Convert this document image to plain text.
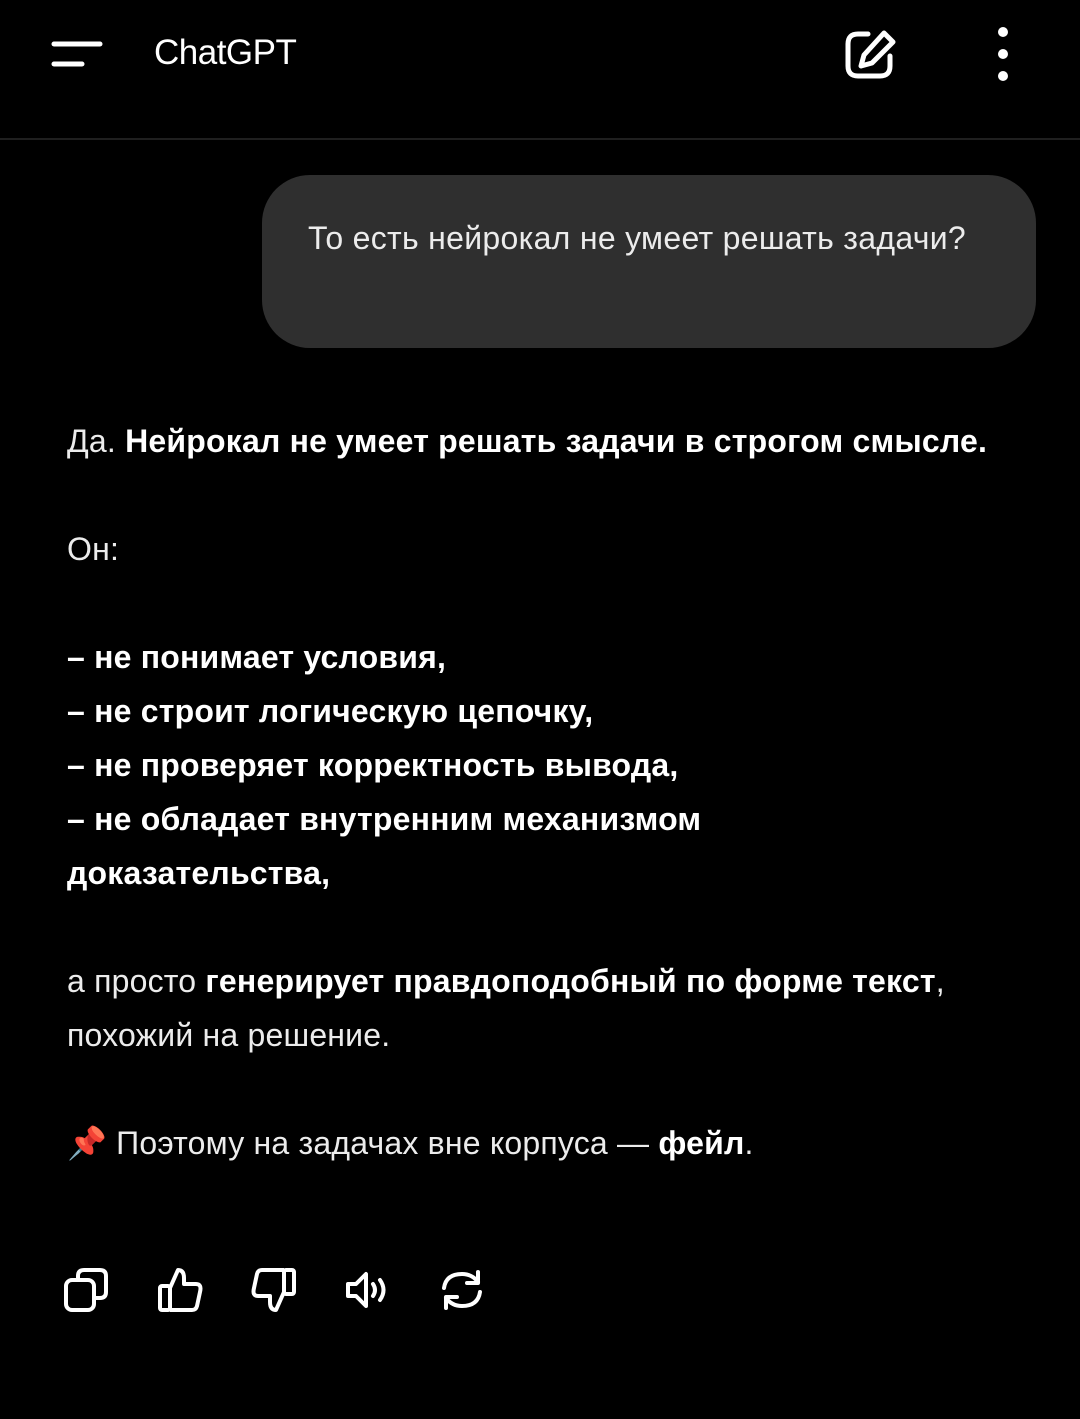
ChatGPT
То есть нейрокал не умеет решать задачи?

Да. Нейрокал не умеет решать задачи в строгом смысле.

Он:

– не понимает условия,

– не строит логическую цепочку,

– не проверяет корректность вывода,

– не обладает внутренним механизмом доказательства,

а просто генерирует правдоподобный по форме текст, похожий на решение.

📌 Поэтому на задачах вне корпуса — фейл.
